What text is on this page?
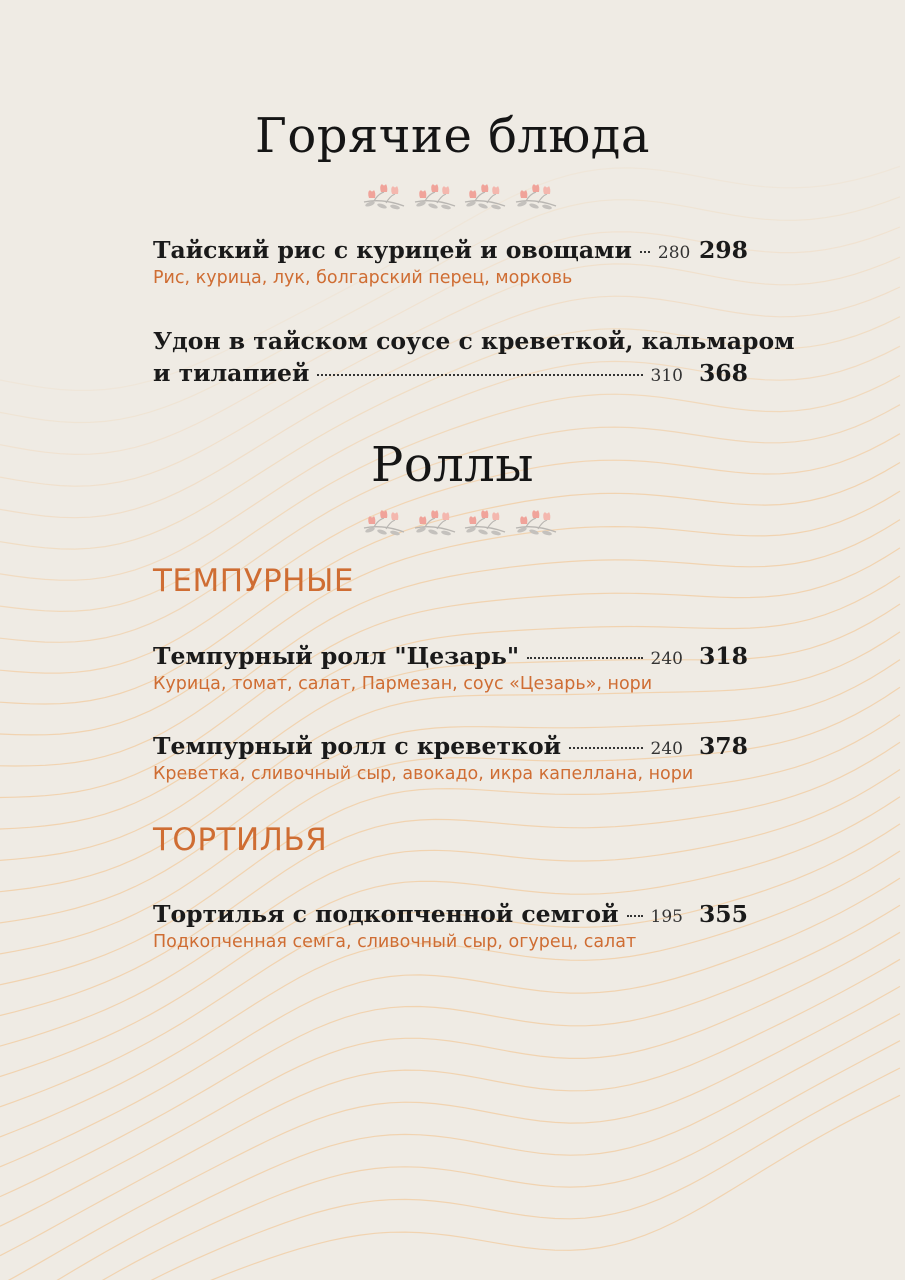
Горячие блюда
Тайский рис с курицей и овощами 280 298
Рис, курица, лук, болгарский перец, морковь
Удон в тайском соусе с креветкой, кальмаром
и тилапией	310 368
Роллы
ТЕМПУРНЫЕ
Темпурный ролл "Цезарь"	240 318
Курица, томат, салат, Пармезан, соус «Цезарь», нори
Темпурный ролл с креветкой	240 378
Креветка, сливочный сыр, авокадо, икра капеллана, нори
ТОРТИЛЬЯ
Тортилья с подкопченной семгой 195 355
Подкопченная семга, сливочный сыр, огурец, салат
